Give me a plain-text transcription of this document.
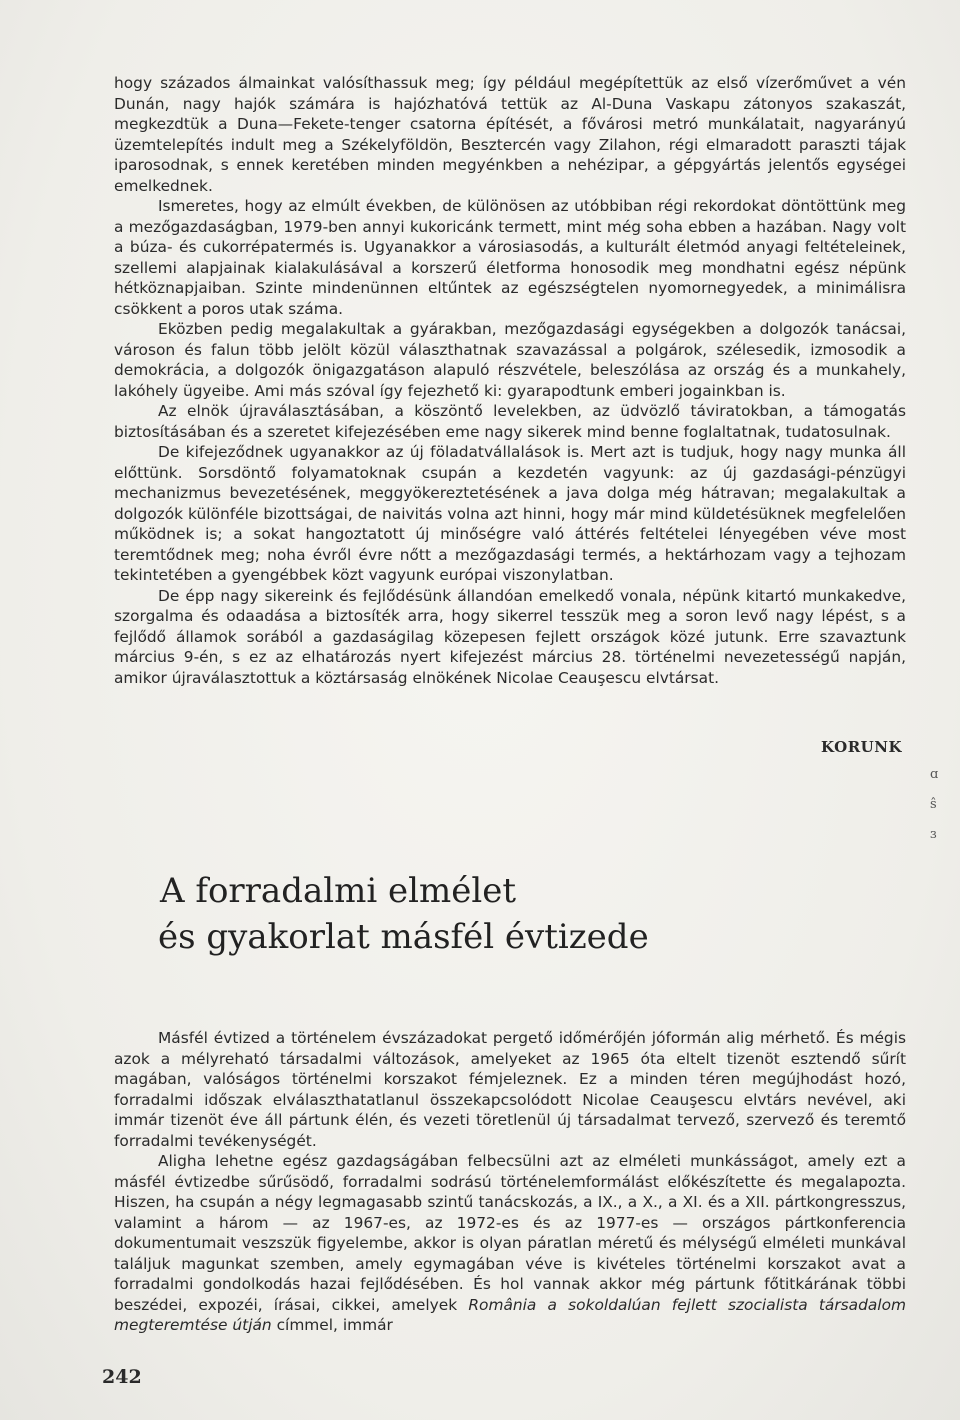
hogy százados álmainkat valósíthassuk meg; így például megépítettük az első vízerőművet a vén Dunán, nagy hajók számára is hajózhatóvá tettük az Al-Duna Vaskapu zátonyos szakaszát, megkezdtük a Duna—Fekete-tenger csatorna építését, a fővárosi metró munkálatait, nagyarányú üzemtelepítés indult meg a Székelyföldön, Besztercén vagy Zilahon, régi elmaradott paraszti tájak iparosodnak, s ennek keretében minden megyénkben a nehézipar, a gépgyártás jelentős egységei emelkednek.

Ismeretes, hogy az elmúlt években, de különösen az utóbbiban régi rekordokat döntöttünk meg a mezőgazdaságban, 1979-ben annyi kukoricánk termett, mint még soha ebben a hazában. Nagy volt a búza- és cukorrépatermés is. Ugyanakkor a városiasodás, a kulturált életmód anyagi feltételeinek, szellemi alapjainak kialakulásával a korszerű életforma honosodik meg mondhatni egész népünk hétköznapjaiban. Szinte mindenünnen eltűntek az egészségtelen nyomornegyedek, a minimálisra csökkent a poros utak száma.

Eközben pedig megalakultak a gyárakban, mezőgazdasági egységekben a dolgozók tanácsai, városon és falun több jelölt közül választhatnak szavazással a polgárok, szélesedik, izmosodik a demokrácia, a dolgozók önigazgatáson alapuló részvétele, beleszólása az ország és a munkahely, lakóhely ügyeibe. Ami más szóval így fejezhető ki: gyarapodtunk emberi jogainkban is.

Az elnök újraválasztásában, a köszöntő levelekben, az üdvözlő táviratokban, a támogatás biztosításában és a szeretet kifejezésében eme nagy sikerek mind benne foglaltatnak, tudatosulnak.

De kifejeződnek ugyanakkor az új föladatvállalások is. Mert azt is tudjuk, hogy nagy munka áll előttünk. Sorsdöntő folyamatoknak csupán a kezdetén vagyunk: az új gazdasági-pénzügyi mechanizmus bevezetésének, meggyökereztetésének a java dolga még hátravan; megalakultak a dolgozók különféle bizottságai, de naivitás volna azt hinni, hogy már mind küldetésüknek megfelelően működnek is; a sokat hangoztatott új minőségre való áttérés feltételei lényegében véve most teremtődnek meg; noha évről évre nőtt a mezőgazdasági termés, a hektárhozam vagy a tejhozam tekintetében a gyengébbek közt vagyunk európai viszonylatban.

De épp nagy sikereink és fejlődésünk állandóan emelkedő vonala, népünk kitartó munkakedve, szorgalma és odaadása a biztosíték arra, hogy sikerrel tesszük meg a soron levő nagy lépést, s a fejlődő államok sorából a gazdaságilag közepesen fejlett országok közé jutunk. Erre szavaztunk március 9-én, s ez az elhatározás nyert kifejezést március 28. történelmi nevezetességű napján, amikor újraválasztottuk a köztársaság elnökének Nicolae Ceauşescu elvtársat.

KORUNK
ɑ
ŝ
ɜ
A forradalmi elmélet
és gyakorlat másfél évtizede

Másfél évtized a történelem évszázadokat pergető időmérőjén jóformán alig mérhető. És mégis azok a mélyreható társadalmi változások, amelyeket az 1965 óta eltelt tizenöt esztendő sűrít magában, valóságos történelmi korszakot fémjeleznek. Ez a minden téren megújhodást hozó, forradalmi időszak elválaszthatatlanul összekapcsolódott Nicolae Ceauşescu elvtárs nevével, aki immár tizenöt éve áll pártunk élén, és vezeti töretlenül új társadalmat tervező, szervező és teremtő forradalmi tevékenységét.

Aligha lehetne egész gazdagságában felbecsülni azt az elméleti munkásságot, amely ezt a másfél évtizedbe sűrűsödő, forradalmi sodrású történelemformálást előkészítette és megalapozta. Hiszen, ha csupán a négy legmagasabb szintű tanácskozás, a IX., a X., a XI. és a XII. pártkongresszus, valamint a három — az 1967-es, az 1972-es és az 1977-es — országos pártkonferencia dokumentumait veszszük figyelembe, akkor is olyan páratlan méretű és mélységű elméleti munkával találjuk magunkat szemben, amely egymagában véve is kivételes történelmi korszakot avat a forradalmi gondolkodás hazai fejlődésében. És hol vannak akkor még pártunk főtitkárának többi beszédei, expozéi, írásai, cikkei, amelyek România a sokoldalúan fejlett szocialista társadalom megteremtése útján címmel, immár

242
